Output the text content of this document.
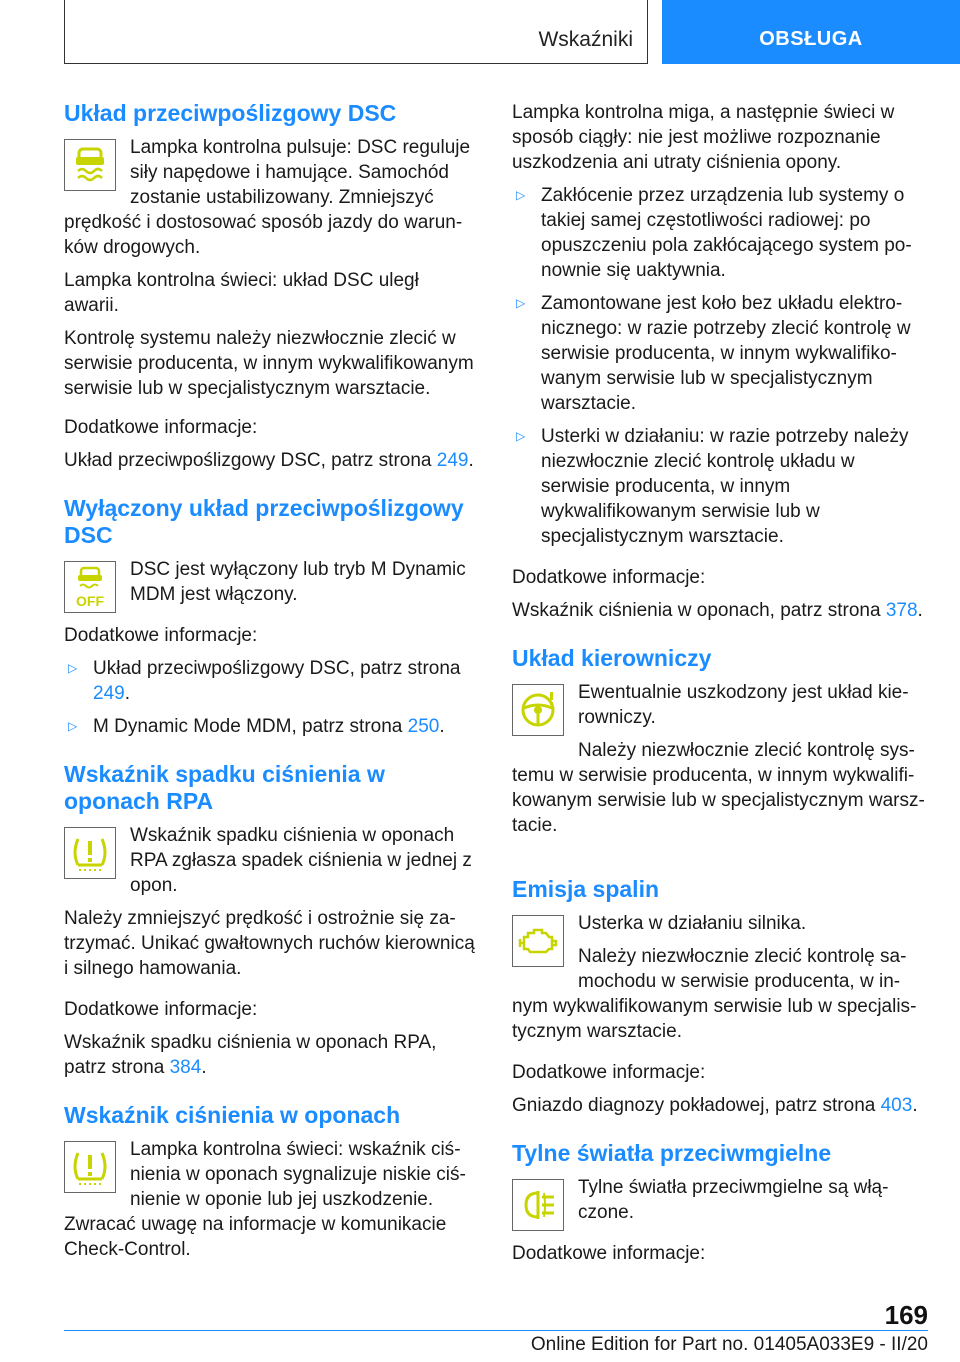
Wskaźniki	OBSŁUGA
Układ przeciwpoślizgowy DSC

Lampka kontrolna pulsuje: DSC reguluje siły napędowe i hamujące. Samochód zostanie ustabilizowany. Zmniejszyć prędkość i dostosować sposób jazdy do warunków drogowych.

Lampka kontrolna świeci: układ DSC uległ awarii.

Kontrolę systemu należy niezwłocznie zlecić w serwisie producenta, w innym wykwalifikowanym serwisie lub w specjalistycznym warsztacie.

Dodatkowe informacje:

Układ przeciwpoślizgowy DSC, patrz strona 249.

Wyłączony układ przeciwpoślizgowy DSC
OFF

DSC jest wyłączony lub tryb M Dynamic MDM jest włączony.

Dodatkowe informacje:

▷ Układ przeciwpoślizgowy DSC, patrz strona 249.
▷ M Dynamic Mode MDM, patrz strona 250.
Wskaźnik spadku ciśnienia w oponach RPA

Wskaźnik spadku ciśnienia w oponach RPA zgłasza spadek ciśnienia w jednej z opon.

Należy zmniejszyć prędkość i ostrożnie się zatrzymać. Unikać gwałtownych ruchów kierownicą i silnego hamowania.

Dodatkowe informacje:

Wskaźnik spadku ciśnienia w oponach RPA, patrz strona 384.

Wskaźnik ciśnienia w oponach

Lampka kontrolna świeci: wskaźnik ciśnienia w oponach sygnalizuje niskie ciśnienie w oponie lub jej uszkodzenie. Zwracać uwagę na informacje w komunikacie Check-Control.

Lampka kontrolna miga, a następnie świeci w sposób ciągły: nie jest możliwe rozpoznanie uszkodzenia ani utraty ciśnienia opony.

▷ Zakłócenie przez urządzenia lub systemy o takiej samej częstotliwości radiowej: po opuszczeniu pola zakłócającego system ponownie się uaktywnia.
▷ Zamontowane jest koło bez układu elektronicznego: w razie potrzeby zlecić kontrolę w serwisie producenta, w innym wykwalifikowanym serwisie lub w specjalistycznym warsztacie.
▷ Usterki w działaniu: w razie potrzeby należy niezwłocznie zlecić kontrolę układu w serwisie producenta, w innym wykwalifikowanym serwisie lub w specjalistycznym warsztacie.

Dodatkowe informacje:

Wskaźnik ciśnienia w oponach, patrz strona 378.

Układ kierowniczy

Ewentualnie uszkodzony jest układ kierowniczy.

Należy niezwłocznie zlecić kontrolę systemu w serwisie producenta, w innym wykwalifikowanym serwisie lub w specjalistycznym warsztacie.

Emisja spalin

Usterka w działaniu silnika.

Należy niezwłocznie zlecić kontrolę samochodu w serwisie producenta, w innym wykwalifikowanym serwisie lub w specjalistycznym warsztacie.

Dodatkowe informacje:

Gniazdo diagnozy pokładowej, patrz strona 403.

Tylne światła przeciwmgielne

Tylne światła przeciwmgielne są włączone.

Dodatkowe informacje:

169
Online Edition for Part no. 01405A033E9 - II/20
